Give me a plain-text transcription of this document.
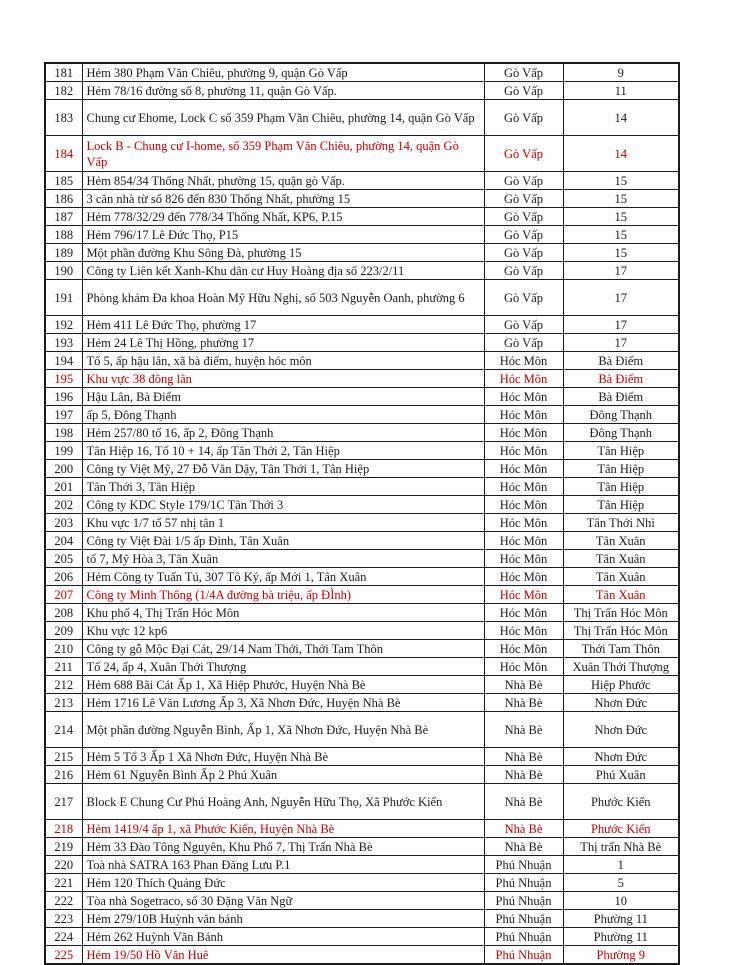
181	Hẻm 380 Phạm Văn Chiêu, phường 9, quận Gò Vấp	Gò Vấp	9
182	Hẻm 78/16 đường số 8, phường 11, quận Gò Vấp.	Gò Vấp	11
183	Chung cư Ehome, Lock C số 359 Phạm Văn Chiêu, phường 14, quận Gò Vấp	Gò Vấp	14
184	Lock B - Chung cư I-home, số 359 Phạm Văn Chiêu, phường 14, quận Gò Vấp	Gò Vấp	14
185	Hẻm 854/34 Thống Nhất, phường 15, quận gò Vấp.	Gò Vấp	15
186	3 căn nhà từ số 826 đến 830 Thống Nhất, phường 15	Gò Vấp	15
187	Hẻm 778/32/29 đến 778/34 Thống Nhất, KP6, P.15	Gò Vấp	15
188	Hẻm 796/17 Lê Đức Thọ, P15	Gò Vấp	15
189	Một phần đường Khu Sông Đà, phường 15	Gò Vấp	15
190	Công ty Liên kết Xanh-Khu dân cư Huy Hoàng địa số 223/2/11	Gò Vấp	17
191	Phòng khám Đa khoa Hoàn Mỹ Hữu Nghị, số 503 Nguyễn Oanh, phường 6	Gò Vấp	17
192	Hẻm 411 Lê Đức Thọ, phường 17	Gò Vấp	17
193	Hẻm 24 Lê Thị Hồng, phường 17	Gò Vấp	17
194	Tổ 5, ấp hậu lân, xã bà điểm, huyện hóc môn	Hóc Môn	Bà Điểm
195	Khu vực 38 đông lân	Hóc Môn	Bà Điểm
196	Hậu Lân, Bà Điểm	Hóc Môn	Bà Điểm
197	ấp 5, Đông Thạnh	Hóc Môn	Đông Thạnh
198	Hẻm 257/80 tổ 16, ấp 2, Đông Thạnh	Hóc Môn	Đông Thạnh
199	Tân Hiệp 16, Tổ 10 + 14, ấp Tân Thới 2, Tân Hiệp	Hóc Môn	Tân Hiệp
200	Công ty Việt Mỹ, 27 Đỗ Văn Dậy, Tân Thới 1, Tân Hiệp	Hóc Môn	Tân Hiệp
201	Tân Thới 3, Tân Hiệp	Hóc Môn	Tân Hiệp
202	Công ty KDC Style 179/1C Tân Thới 3	Hóc Môn	Tân Hiệp
203	Khu vực 1/7 tổ 57 nhị tân 1	Hóc Môn	Tân Thới Nhì
204	Công ty Việt Đài 1/5 ấp Đình, Tân Xuân	Hóc Môn	Tân Xuân
205	tổ 7, Mỹ Hòa 3, Tân Xuân	Hóc Môn	Tân Xuân
206	Hẻm Công ty Tuấn Tú, 307 Tô Ký, ấp Mới 1, Tân Xuân	Hóc Môn	Tân Xuân
207	Công ty Minh Thông (1/4A đường bà triệu, ấp ĐÌnh)	Hóc Môn	Tân Xuân
208	Khu phố 4, Thị Trấn Hóc Môn	Hóc Môn	Thị Trấn Hóc Môn
209	Khu vực 12 kp6	Hóc Môn	Thị Trấn Hóc Môn
210	Công ty gỗ Mộc Đại Cát, 29/14 Nam Thới, Thới Tam Thôn	Hóc Môn	Thới Tam Thôn
211	Tổ 24, ấp 4, Xuân Thới Thượng	Hóc Môn	Xuân Thới Thượng
212	Hẻm 688 Bãi Cát Ấp 1, Xã Hiệp Phước, Huyện Nhà Bè	Nhà Bè	Hiệp Phước
213	Hẻm 1716 Lê Văn Lương Ấp 3, Xã Nhơn Đức, Huyện Nhà Bè	Nhà Bè	Nhơn Đức
214	Một phần đường Nguyễn Bình, Ấp 1, Xã Nhơn Đức, Huyện Nhà Bè	Nhà Bè	Nhơn Đức
215	Hẻm 5 Tổ 3 Ấp 1 Xã Nhơn Đức, Huyện Nhà Bè	Nhà Bè	Nhơn Đức
216	Hẻm 61 Nguyễn Bình Ấp 2 Phú Xuân	Nhà Bè	Phú Xuân
217	Block E Chung Cư Phú Hoàng Anh, Nguyễn Hữu Thọ, Xã Phước Kiển	Nhà Bè	Phước Kiển
218	Hẻm 1419/4 ấp 1, xã Phước Kiển, Huyện Nhà Bè	Nhà Bè	Phước Kiển
219	Hẻm 33 Đào Tông Nguyên, Khu Phố 7, Thị Trấn Nhà Bè	Nhà Bè	Thị trấn Nhà Bè
220	Toà nhà SATRA 163 Phan Đăng Lưu P.1	Phú Nhuận	1
221	Hẻm 120 Thích Quảng Đức	Phú Nhuận	5
222	Tòa nhà Sogetraco, số 30 Đặng Văn Ngữ	Phú Nhuận	10
223	Hẻm 279/10B Huỳnh văn bánh	Phú Nhuận	Phường 11
224	Hẻm 262 Huỳnh Văn Bánh	Phú Nhuận	Phường 11
225	Hẻm 19/50 Hồ Văn Huê	Phú Nhuận	Phường 9
